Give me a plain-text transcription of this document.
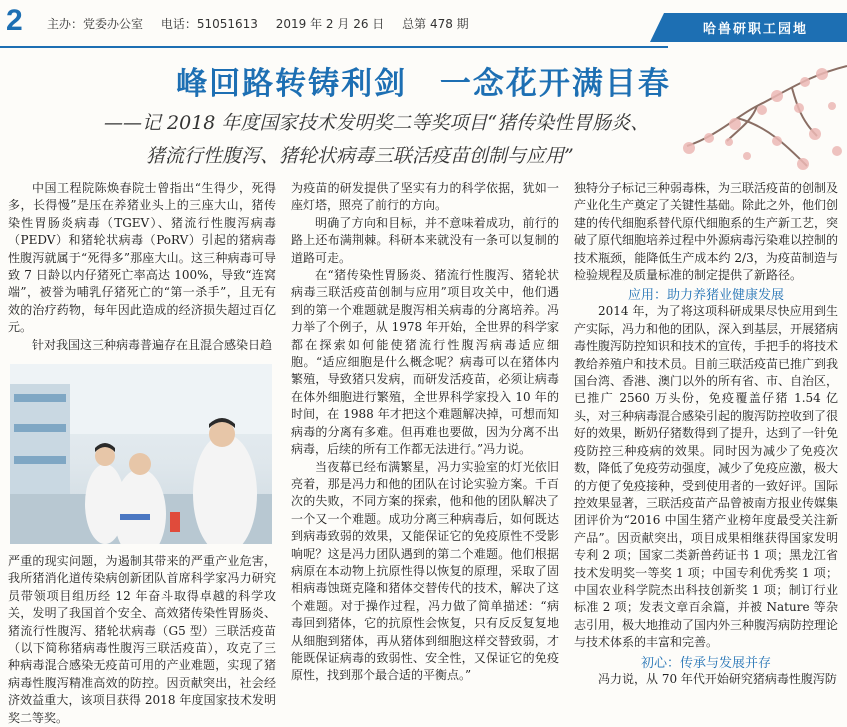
2 主办：党委办公室 电话：51051613 2019 年 2 月 26 日 总第 478 期	哈兽研职工园地
峰回路转铸利剑 一念花开满目春
——记 2018 年度国家技术发明奖二等奖项目“猪传染性胃肠炎、
猪流行性腹泻、猪轮状病毒三联活疫苗创制与应用”

中国工程院陈焕春院士曾指出“生得少，死得多，长得慢”是压在养猪业头上的三座大山，猪传染性胃肠炎病毒（TGEV）、猪流行性腹泻病毒（PEDV）和猪轮状病毒（PoRV）引起的猪病毒性腹泻就属于“死得多”那座大山。这三种病毒可导致 7 日龄以内仔猪死亡率高达 100%，导致“连窝端”，被誉为哺乳仔猪死亡的“第一杀手”，且无有效的治疗药物，每年因此造成的经济损失超过百亿元。

针对我国这三种病毒普遍存在且混合感染日趋

严重的现实问题，为遏制其带来的严重产业危害，我所猪消化道传染病创新团队首席科学家冯力研究员带领项目组历经 12 年奋斗取得卓越的科学攻关，发明了我国首个安全、高效猪传染性胃肠炎、猪流行性腹泻、猪轮状病毒（G5 型）三联活疫苗（以下简称猪病毒性腹泻三联活疫苗），攻克了三种病毒混合感染无疫苗可用的产业难题，实现了猪病毒性腹泻精准高效的防控。因贡献突出，社会经济效益重大，该项目获得 2018 年度国家技术发明奖二等奖。

为疫苗的研发提供了坚实有力的科学依据，犹如一座灯塔，照亮了前行的方向。

明确了方向和目标，并不意味着成功，前行的路上还布满荆棘。科研本来就没有一条可以复制的道路可走。

在“猪传染性胃肠炎、猪流行性腹泻、猪轮状病毒三联活疫苗创制与应用”项目攻关中，他们遇到的第一个难题就是腹泻相关病毒的分离培养。冯力举了个例子，从 1978 年开始，全世界的科学家都在探索如何能使猪流行性腹泻病毒适应细胞。“适应细胞是什么概念呢？病毒可以在猪体内繁殖，导致猪只发病，而研发活疫苗，必须让病毒在体外细胞进行繁殖，全世界科学家投入 10 年的时间，在 1988 年才把这个难题解决掉，可想而知病毒的分离有多难。但再难也要做，因为分离不出病毒，后续的所有工作都无法进行。”冯力说。

当夜幕已经布满繁星，冯力实验室的灯光依旧亮着，那是冯力和他的团队在讨论实验方案。千百次的失败，不同方案的探索，他和他的团队解决了一个又一个难题。成功分离三种病毒后，如何既达到病毒致弱的效果，又能保证它的免疫原性不受影响呢？这是冯力团队遇到的第二个难题。他们根据病原在本动物上抗原性得以恢复的原理，采取了固相病毒蚀斑克隆和猪体交替传代的技术，解决了这个难题。对于操作过程，冯力做了简单描述：“病毒回到猪体，它的抗原性会恢复，只有反反复复地从细胞到猪体，再从猪体到细胞这样交替致弱，才能既保证病毒的致弱性、安全性，又保证它的免疫原性，找到那个最合适的平衡点。”

独特分子标记三种弱毒株，为三联活疫苗的创制及产业化生产奠定了关键性基础。除此之外，他们创建的传代细胞系替代原代细胞系的生产新工艺，突破了原代细胞培养过程中外源病毒污染难以控制的技术瓶颈，能降低生产成本约 2/3，为疫苗制造与检验规程及质量标准的制定提供了新路径。

应用：助力养猪业健康发展

2014 年，为了将这项科研成果尽快应用到生产实际，冯力和他的团队，深入到基层，开展猪病毒性腹泻防控知识和技术的宣传，手把手的将技术教给养殖户和技术员。目前三联活疫苗已推广到我国台湾、香港、澳门以外的所有省、市、自治区，已推广 2560 万头份，免疫覆盖仔猪 1.54 亿头，对三种病毒混合感染引起的腹泻防控收到了很好的效果，断奶仔猪数得到了提升，达到了一针免疫防控三种疫病的效果。同时因为减少了免疫次数，降低了免疫劳动强度，减少了免疫应激，极大的方便了免疫接种，受到使用者的一致好评。国际控效果显著，三联活疫苗产品曾被南方报业传媒集团评价为“2016 中国生猪产业榜年度最受关注新产品”。因贡献突出，项目成果相继获得国家发明专利 2 项；国家二类新兽药证书 1 项；黑龙江省技术发明奖一等奖 1 项；中国专利优秀奖 1 项；中国农业科学院杰出科技创新奖 1 项；制订行业标准 2 项；发表文章百余篇，并被 Nature 等杂志引用，极大地推动了国内外三种腹泻病防控理论与技术体系的丰富和完善。

初心：传承与发展并存

冯力说，从 70 年代开始研究猪病毒性腹泻防
